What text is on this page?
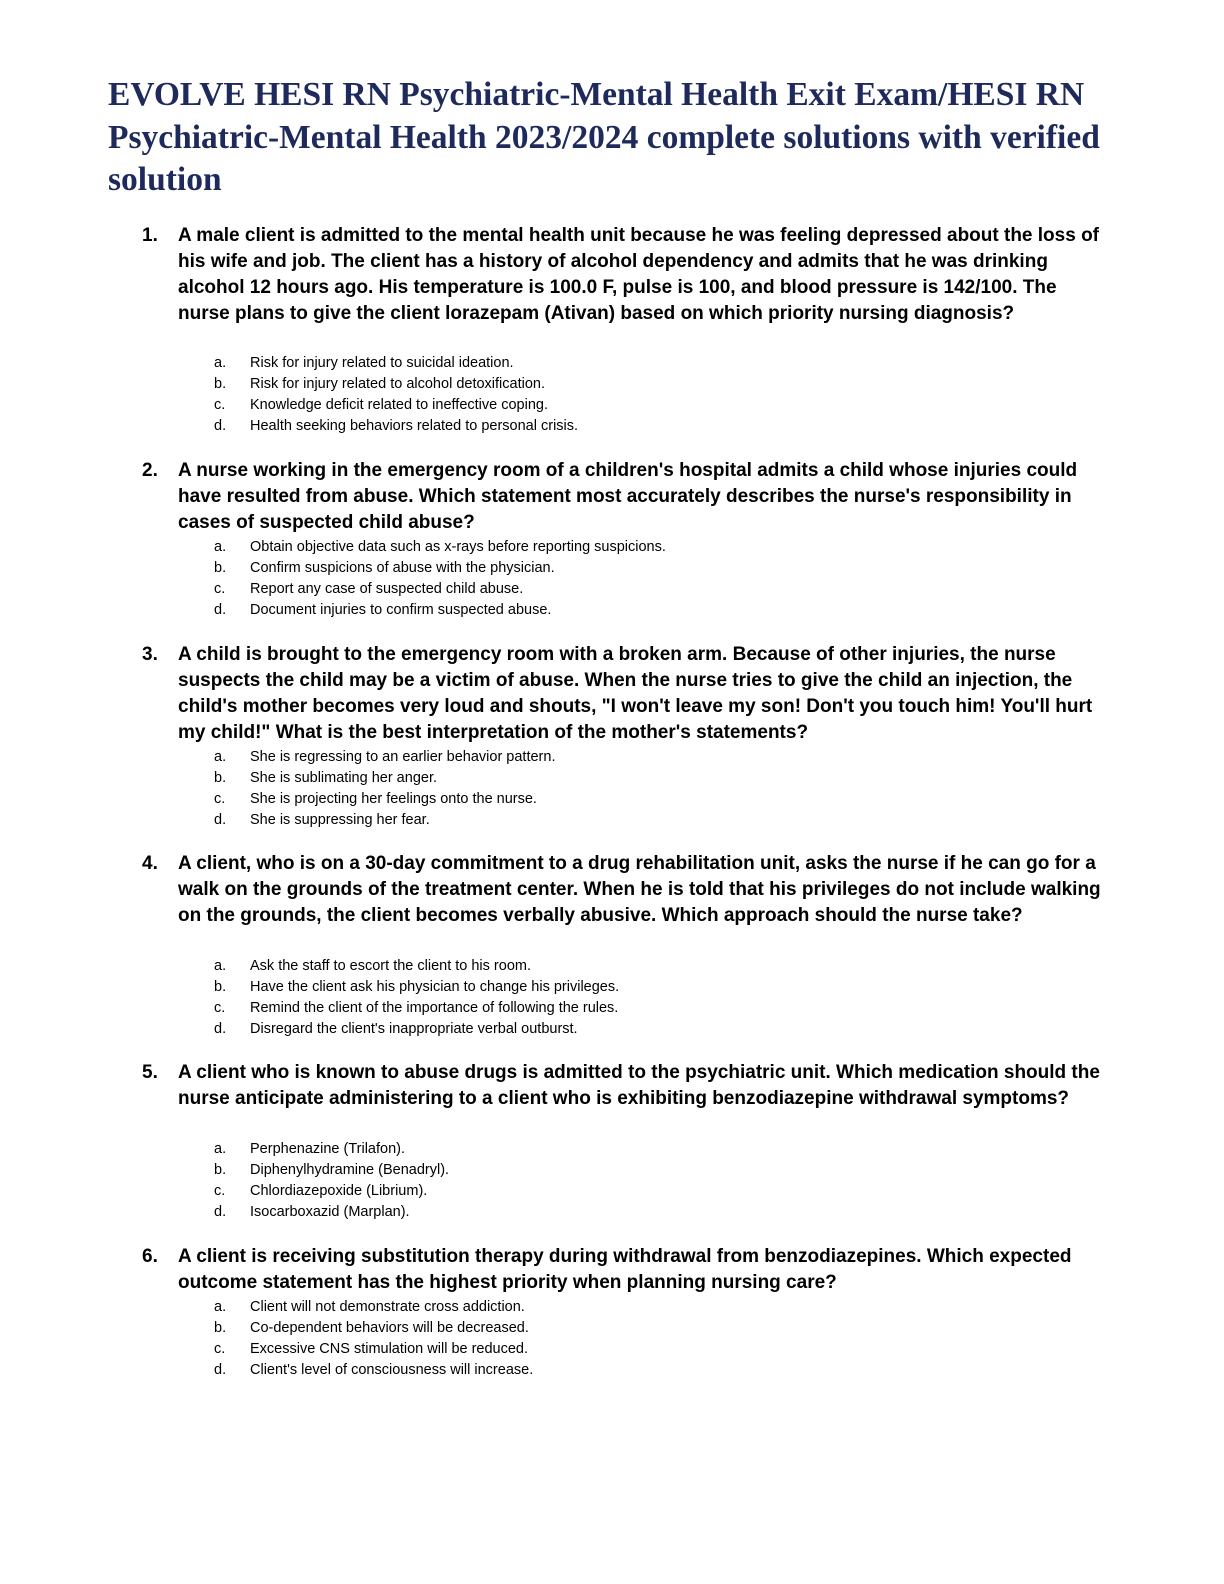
EVOLVE HESI RN Psychiatric-Mental Health Exit Exam/HESI RN Psychiatric-Mental Health 2023/2024 complete solutions with verified solution
1. A male client is admitted to the mental health unit because he was feeling depressed about the loss of his wife and job. The client has a history of alcohol dependency and admits that he was drinking alcohol 12 hours ago. His temperature is 100.0 F, pulse is 100, and blood pressure is 142/100. The nurse plans to give the client lorazepam (Ativan) based on which priority nursing diagnosis?

a. Risk for injury related to suicidal ideation.
b. Risk for injury related to alcohol detoxification.
c. Knowledge deficit related to ineffective coping.
d. Health seeking behaviors related to personal crisis.
2. A nurse working in the emergency room of a children's hospital admits a child whose injuries could have resulted from abuse. Which statement most accurately describes the nurse's responsibility in cases of suspected child abuse?

a. Obtain objective data such as x-rays before reporting suspicions.
b. Confirm suspicions of abuse with the physician.
c. Report any case of suspected child abuse.
d. Document injuries to confirm suspected abuse.
3. A child is brought to the emergency room with a broken arm. Because of other injuries, the nurse suspects the child may be a victim of abuse. When the nurse tries to give the child an injection, the child's mother becomes very loud and shouts, "I won't leave my son! Don't you touch him! You'll hurt my child!" What is the best interpretation of the mother's statements?

a. She is regressing to an earlier behavior pattern.
b. She is sublimating her anger.
c. She is projecting her feelings onto the nurse.
d. She is suppressing her fear.
4. A client, who is on a 30-day commitment to a drug rehabilitation unit, asks the nurse if he can go for a walk on the grounds of the treatment center. When he is told that his privileges do not include walking on the grounds, the client becomes verbally abusive. Which approach should the nurse take?

a. Ask the staff to escort the client to his room.
b. Have the client ask his physician to change his privileges.
c. Remind the client of the importance of following the rules.
d. Disregard the client's inappropriate verbal outburst.
5. A client who is known to abuse drugs is admitted to the psychiatric unit. Which medication should the nurse anticipate administering to a client who is exhibiting benzodiazepine withdrawal symptoms?

a. Perphenazine (Trilafon).
b. Diphenylhydramine (Benadryl).
c. Chlordiazepoxide (Librium).
d. Isocarboxazid (Marplan).
6. A client is receiving substitution therapy during withdrawal from benzodiazepines. Which expected outcome statement has the highest priority when planning nursing care?

a. Client will not demonstrate cross addiction.
b. Co-dependent behaviors will be decreased.
c. Excessive CNS stimulation will be reduced.
d. Client's level of consciousness will increase.
